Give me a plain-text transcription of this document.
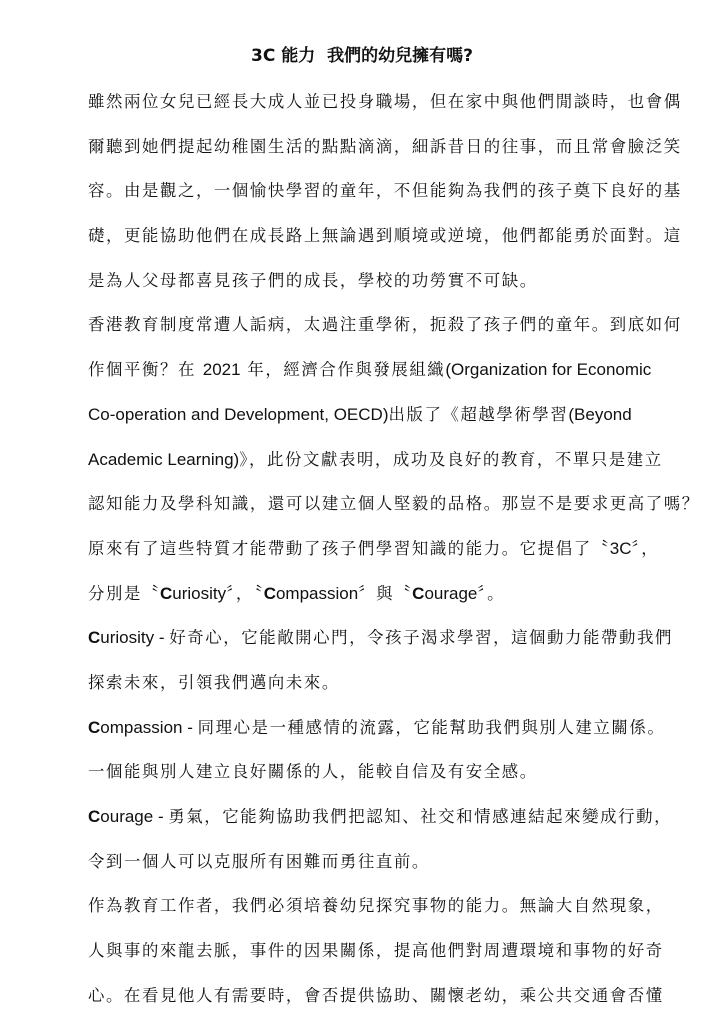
3C 能力  我們的幼兒擁有嗎?
雖然兩位女兒已經長大成人並已投身職場，但在家中與他們閒談時，也會偶
爾聽到她們提起幼稚園生活的點點滴滴，細訴昔日的往事，而且常會臉泛笑
容。由是觀之，一個愉快學習的童年，不但能夠為我們的孩子奠下良好的基
礎，更能協助他們在成長路上無論遇到順境或逆境，他們都能勇於面對。這
是為人父母都喜見孩子們的成長，學校的功勞實不可缺。
香港教育制度常遭人詬病，太過注重學術，扼殺了孩子們的童年。到底如何
作個平衡？在 2021 年，經濟合作與發展組織(Organization for Economic
Co-operation and Development, OECD)出版了《超越學術學習(Beyond
Academic Learning)》，此份文獻表明，成功及良好的教育，不單只是建立
認知能力及學科知識，還可以建立個人堅毅的品格。那豈不是要求更高了嗎？
原來有了這些特質才能帶動了孩子們學習知識的能力。它提倡了〝3C〞，
分別是〝Curiosity〞，〝Compassion〞與〝Courage〞。
Curiosity - 好奇心，它能敞開心門，令孩子渴求學習，這個動力能帶動我們
探索未來，引領我們邁向未來。
Compassion - 同理心是一種感情的流露，它能幫助我們與別人建立關係。
一個能與別人建立良好關係的人，能較自信及有安全感。
Courage - 勇氣，它能夠協助我們把認知、社交和情感連結起來變成行動，
令到一個人可以克服所有困難而勇往直前。
作為教育工作者，我們必須培養幼兒探究事物的能力。無論大自然現象，
人與事的來龍去脈，事件的因果關係，提高他們對周遭環境和事物的好奇
心。在看見他人有需要時，會否提供協助、關懷老幼，乘公共交通會否懂
